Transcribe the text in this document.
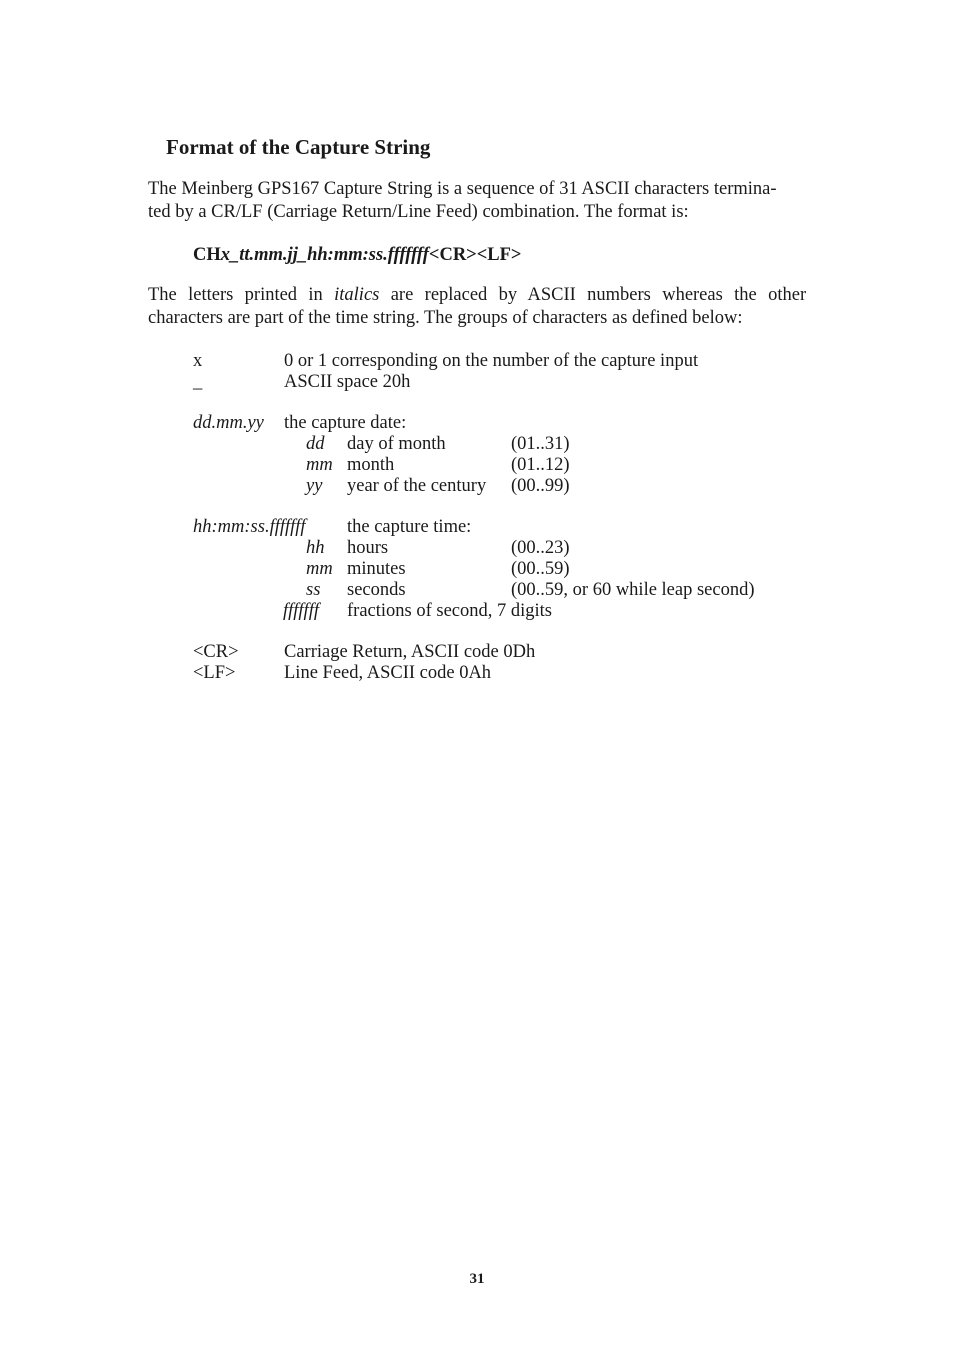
Format of the Capture String
The Meinberg GPS167 Capture String is a sequence of 31 ASCII characters termina-
ted by a CR/LF (Carriage Return/Line Feed) combination. The format is:
CHx_tt.mm.jj_hh:mm:ss.fffffff<CR><LF>
The letters printed in italics are replaced by ASCII numbers whereas the other
characters are part of the time string. The groups of characters as defined below:
x	0 or 1 corresponding on the number of the capture input
_	ASCII space 20h
dd.mm.yy the capture date:
dd day of month	(01..31)
mm month	(01..12)
yy year of the century (00..99)
hh:mm:ss.fffffff the capture time:
hh hours	(00..23)
mm minutes	(00..59)
ss seconds	(00..59, or 60 while leap second)
fffffff fractions of second, 7 digits
<CR> Carriage Return, ASCII code 0Dh
<LF>	Line Feed, ASCII code 0Ah
31
